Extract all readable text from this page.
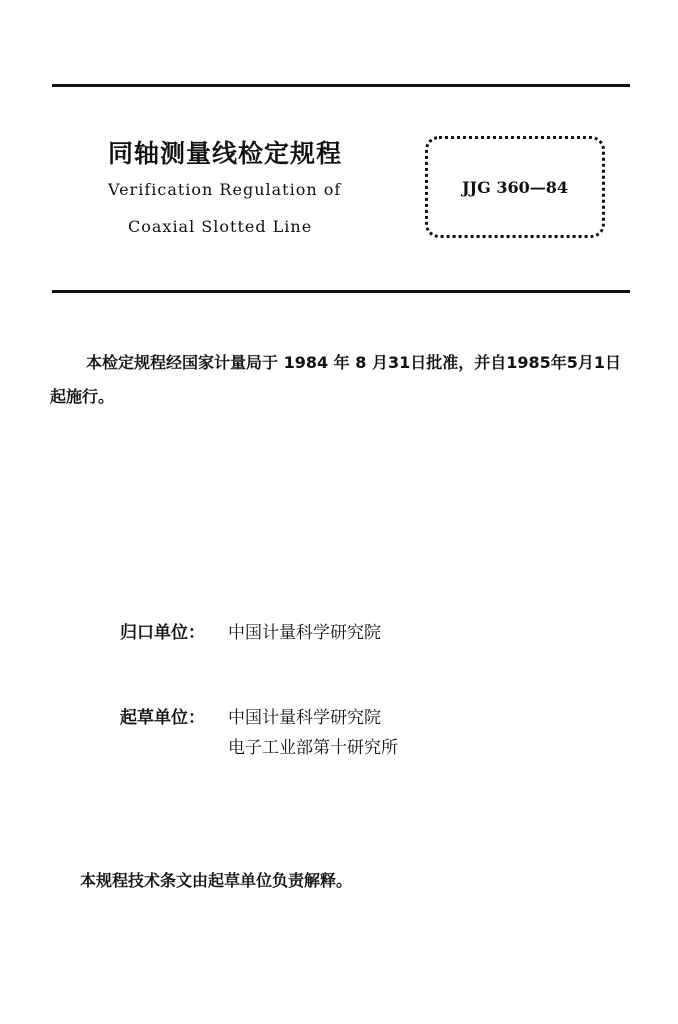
同轴测量线检定规程
Verification Regulation of
Coaxial Slotted Line
JJG 360—84
本检定规程经国家计量局于 1984 年 8 月31日批准，并自1985年5月1日起施行。
归口单位： 中国计量科学研究院
起草单位： 中国计量科学研究院
电子工业部第十研究所
本规程技术条文由起草单位负责解释。
